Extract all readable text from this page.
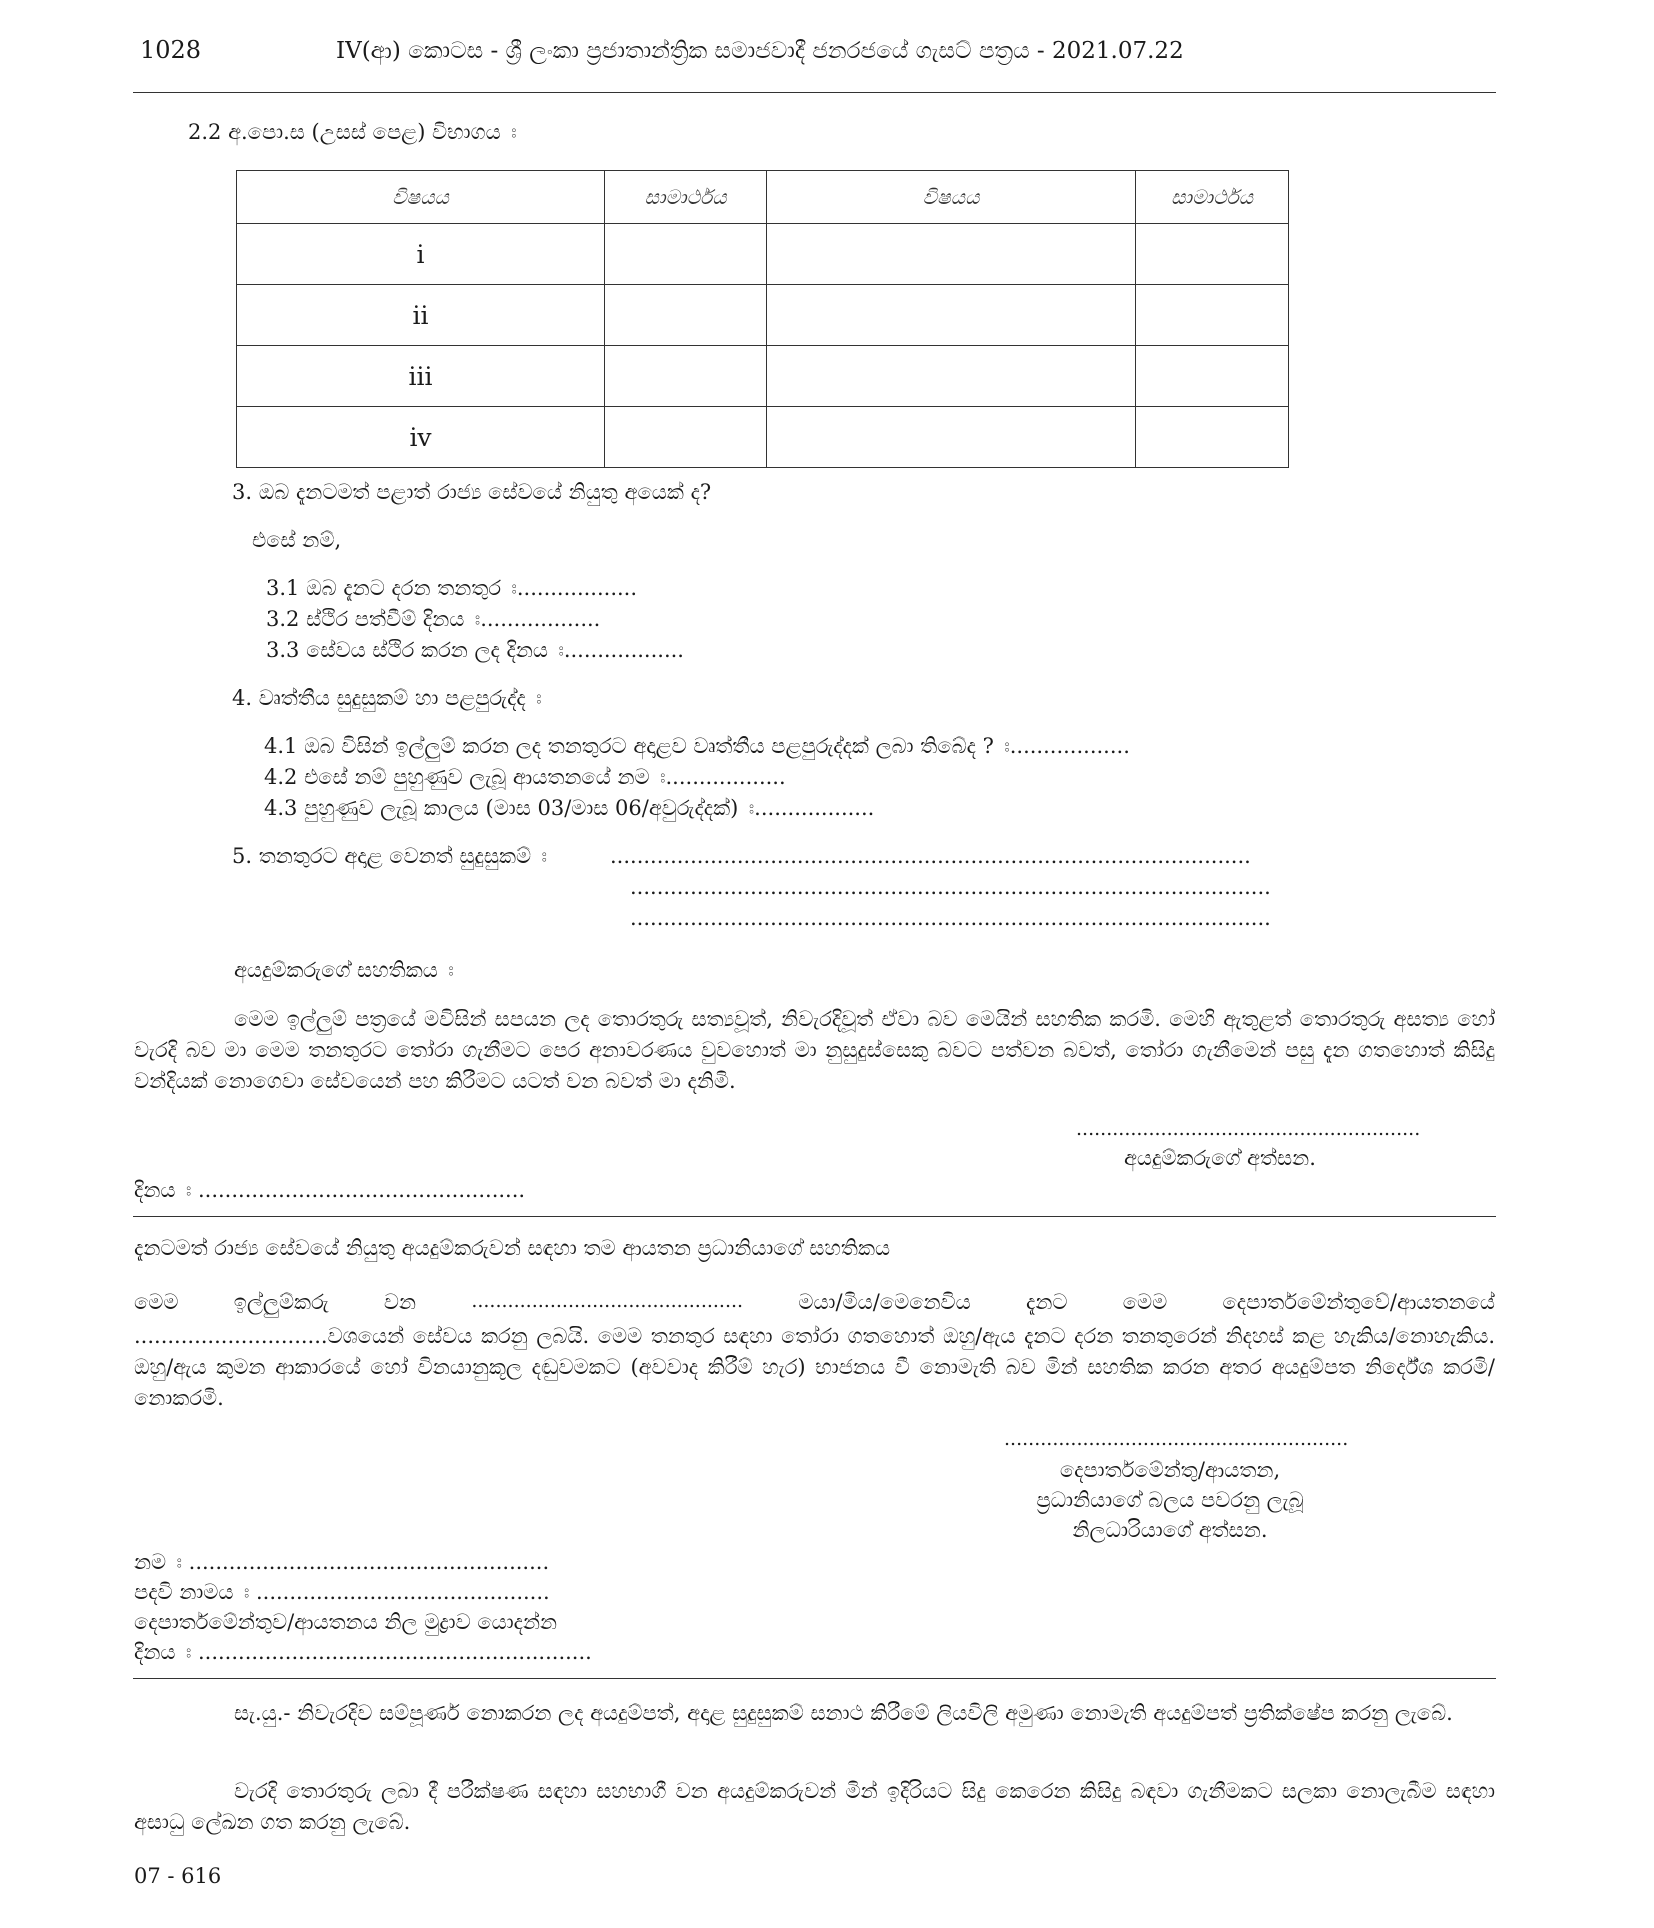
1028	IV(ආ) කොටස - ශ්‍රී ලංකා ප්‍රජාතාන්ත්‍රික සමාජවාදී ජනරජයේ ගැසට් පත්‍රය - 2021.07.22
2.2 අ.පො.ස (උසස් පෙළ) විභාගය ඃ
විෂයය	සාමාර්ථය	විෂයය	සාමාර්ථය
i			
ii			
iii			
iv			
3. ඔබ දැනටමත් පළාත් රාජ්‍ය සේවයේ නියුතු අයෙක් ද?
එසේ නම්,
3.1 ඔබ දැනට දරන තනතුර ඃ..................
3.2 ස්ථිර පත්වීම් දිනය ඃ..................
3.3 සේවය ස්ථිර කරන ලද දිනය ඃ..................
4. වෘත්තීය සුදුසුකම් හා පළපුරුද්ද ඃ
4.1 ඔබ විසින් ඉල්ලුම් කරන ලද තනතුරට අදාළව වෘත්තීය පළපුරුද්දක් ලබා තිබේද ? ඃ..................
4.2 එසේ නම් පුහුණුව ලැබූ ආයතනයේ නම ඃ..................
4.3 පුහුණුව ලැබූ කාලය (මාස 03/මාස 06/අවුරුද්දක්) ඃ..................
5. තනතුරට අදාළ වෙනත් සුදුසුකම් ඃ	................................................................................................
................................................................................................
................................................................................................
අයදුම්කරුගේ සහතිකය ඃ
මෙම ඉල්ලුම් පත්‍රයේ මවිසින් සපයන ලද තොරතුරු සත්‍යවූත්, නිවැරදිවූත් ඒවා බව මෙයින් සහතික කරමි. මෙහි ඇතුළත් තොරතුරු අසත්‍ය හෝ වැරදි බව මා මෙම තනතුරට තෝරා ගැනීමට පෙර අනාවරණය වුවහොත් මා නුසුදුස්සෙකු බවට පත්වන බවත්, තෝරා ගැනීමෙන් පසු දැන ගතහොත් කිසිදු වන්දියක් නොගෙවා සේවයෙන් පහ කිරීමට යටත් වන බවත් මා දනිමි.
.........................................................
අයදුම්කරුගේ අත්සන.
දිනය ඃ .................................................
දැනටමත් රාජ්‍ය සේවයේ නියුතු අයදුම්කරුවන් සඳහා තම ආයතන ප්‍රධානියාගේ සහතිකය
මෙම	ඉල්ලුම්කරු	වන	.............................................	මයා/මිය/මෙනෙවිය	දැනට	මෙම	දෙපාර්තමේන්තුවේ/ආයතනයේ
.............................වශයෙන් සේවය කරනු ලබයි. මෙම තනතුර සඳහා තෝරා ගතහොත් ඔහු/ඇය දැනට දරන තනතුරෙන් නිදහස් කළ හැකිය/නොහැකිය. ඔහු/ඇය කුමන ආකාරයේ හෝ විනයානුකූල දඬුවමකට (අවවාද කිරීම් හැර) භාජනය වී නොමැති බව මින් සහතික කරන අතර අයදුම්පත නිර්දේශ කරමි/නොකරමි.
.........................................................
දෙපාර්තමේන්තු/ආයතන,
ප්‍රධානියාගේ බලය පවරනු ලැබූ
නිලධාරියාගේ අත්සන.
නම ඃ ......................................................
පදවි නාමය ඃ ............................................
දෙපාර්තමේන්තුව/ආයතනය නිල මුද්‍රාව යොදන්න
දිනය ඃ ...........................................................
සැ.යු.- නිවැරදිව සම්පූර්ණ නොකරන ලද අයදුම්පත්, අදාළ සුදුසුකම් සනාථ කිරීමේ ලියවිලි අමුණා නොමැති අයදුම්පත් ප්‍රතික්ෂේප කරනු ලැබේ.
වැරදි තොරතුරු ලබා දී පරීක්ෂණ සඳහා සහභාගී වන අයදුම්කරුවන් මින් ඉදිරියට සිදු කෙරෙන කිසිදු බඳවා ගැනීමකට සලකා නොලැබීම සඳහා අසාධු ලේඛන ගත කරනු ලැබේ.
07 - 616
